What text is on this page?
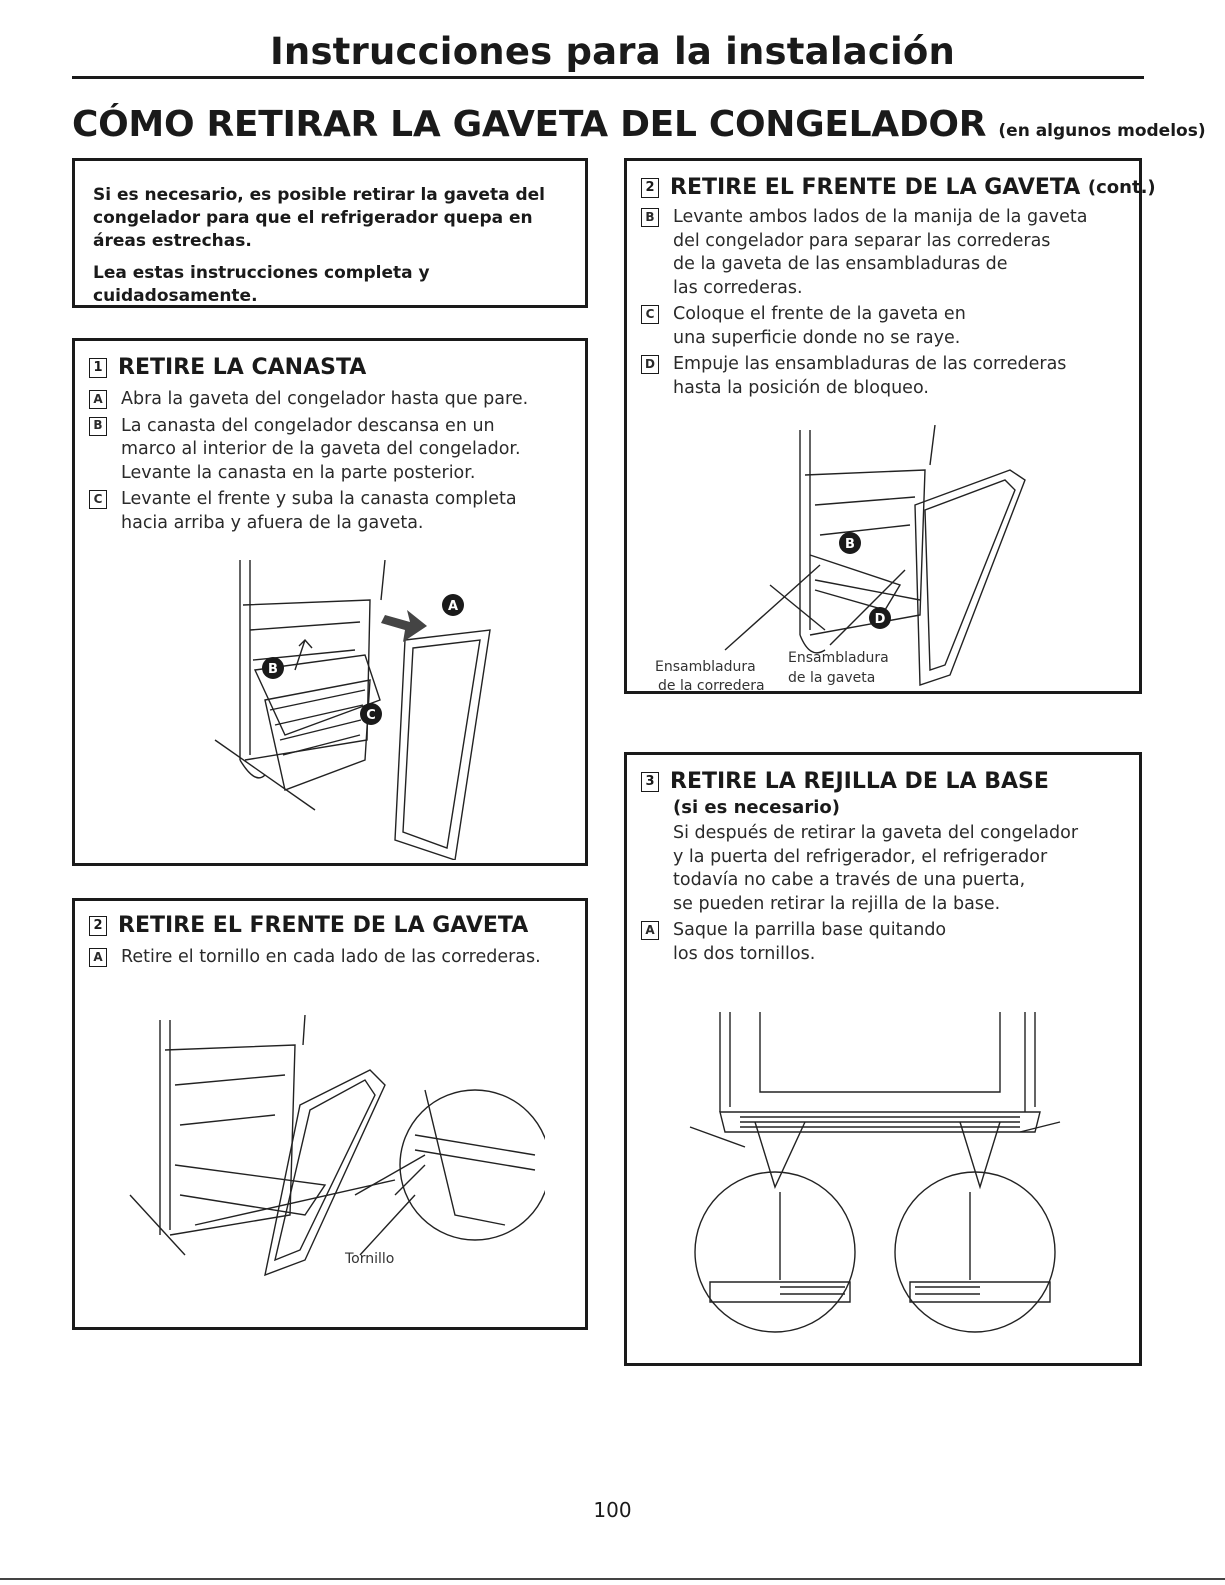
Instrucciones para la instalación
CÓMO RETIRAR LA GAVETA DEL CONGELADOR (en algunos modelos)

Si es necesario, es posible retirar la gaveta del congelador para que el refrigerador quepa en áreas estrechas.

Lea estas instrucciones completa y cuidadosamente.

1 RETIRE LA CANASTA
A Abra la gaveta del congelador hasta que pare.
B La canasta del congelador descansa en un
marco al interior de la gaveta del congelador.
Levante la canasta en la parte posterior.
C Levante el frente y suba la canasta completa
hacia arriba y afuera de la gaveta.
A
B
C
2 RETIRE EL FRENTE DE LA GAVETA
A Retire el tornillo en cada lado de las correderas.
Tornillo
2 RETIRE EL FRENTE DE LA GAVETA
(cont.)
B Levante ambos lados de la manija de la gaveta
del congelador para separar las correderas
de la gaveta de las ensambladuras de
las correderas.
C Coloque el frente de la gaveta en
una superficie donde no se raye.
D Empuje las ensambladuras de las correderas
hasta la posición de bloqueo.
B
D
Ensambladura
de la corredera
Ensambladura
de la gaveta
3 RETIRE LA REJILLA DE LA BASE
(si es necesario)
Si después de retirar la gaveta del congelador
y la puerta del refrigerador, el refrigerador
todavía no cabe a través de una puerta,
se pueden retirar la rejilla de la base.
A Saque la parrilla base quitando
los dos tornillos.
100
